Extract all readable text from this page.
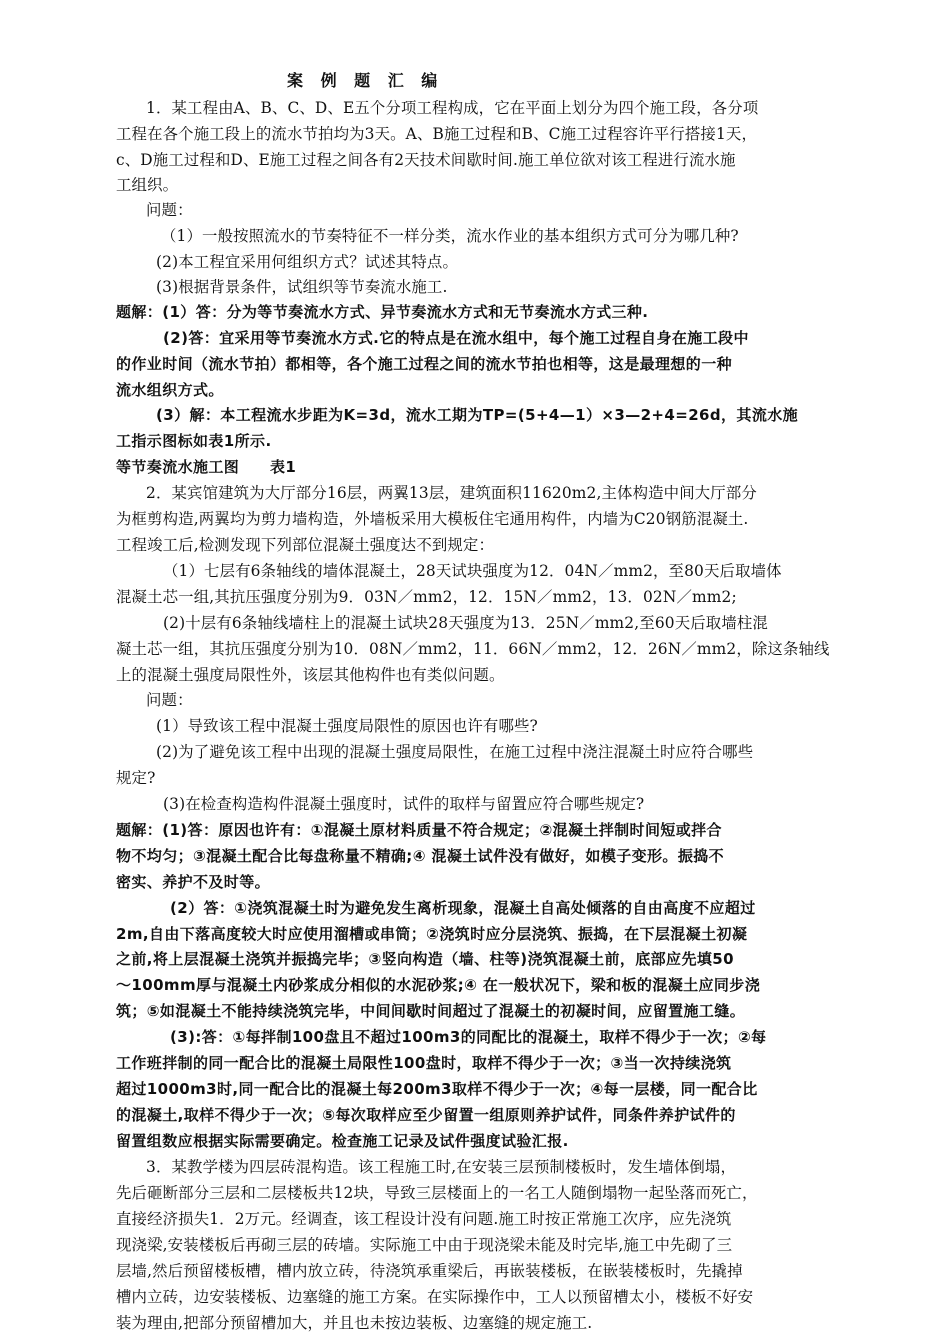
案 例 题 汇 编
1．某工程由A、B、C、D、E五个分项工程构成，它在平面上划分为四个施工段，各分项
工程在各个施工段上的流水节拍均为3天。A、B施工过程和B、C施工过程容许平行搭接1天，
c、D施工过程和D、E施工过程之间各有2天技术间歇时间.施工单位欲对该工程进行流水施
工组织。
问题：
（1）一般按照流水的节奏特征不一样分类，流水作业的基本组织方式可分为哪几种?
(2)本工程宜采用何组织方式？试述其特点。
(3)根据背景条件，试组织等节奏流水施工.
题解：(1）答：分为等节奏流水方式、异节奏流水方式和无节奏流水方式三种.
(2)答：宜采用等节奏流水方式.它的特点是在流水组中，每个施工过程自身在施工段中
的作业时间（流水节拍）都相等，各个施工过程之间的流水节拍也相等，这是最理想的一种
流水组织方式。
(3）解：本工程流水步距为K=3d，流水工期为TP=(5+4—1）×3—2+4=26d，其流水施
工指示图标如表1所示.
等节奏流水施工图　　表1
2．某宾馆建筑为大厅部分16层，两翼13层，建筑面积11620m2,主体构造中间大厅部分
为框剪构造,两翼均为剪力墙构造，外墙板采用大模板住宅通用构件，内墙为C20钢筋混凝土.
工程竣工后,检测发现下列部位混凝土强度达不到规定：
（1）七层有6条轴线的墙体混凝土，28天试块强度为12．04N／mm2，至80天后取墙体
混凝土芯一组,其抗压强度分别为9．03N／mm2，12．15N／mm2，13．02N／mm2;
(2)十层有6条轴线墙柱上的混凝土试块28天强度为13．25N／mm2,至60天后取墙柱混
凝土芯一组，其抗压强度分别为10．08N／mm2，11．66N／mm2，12．26N／mm2，除这条轴线
上的混凝土强度局限性外，该层其他构件也有类似问题。
问题：
(1）导致该工程中混凝土强度局限性的原因也许有哪些?
(2)为了避免该工程中出现的混凝土强度局限性，在施工过程中浇注混凝土时应符合哪些
规定?
(3)在检查构造构件混凝土强度时，试件的取样与留置应符合哪些规定?
题解：(1)答：原因也许有：①混凝土原材料质量不符合规定；②混凝土拌制时间短或拌合
物不均匀；③混凝土配合比每盘称量不精确;④ 混凝土试件没有做好，如模子变形。振捣不
密实、养护不及时等。
(2）答：①浇筑混凝土时为避免发生离析现象，混凝土自高处倾落的自由高度不应超过
2m,自由下落高度较大时应使用溜槽或串筒；②浇筑时应分层浇筑、振捣，在下层混凝土初凝
之前,将上层混凝土浇筑并振捣完毕；③竖向构造（墙、柱等)浇筑混凝土前，底部应先填50
～100mm厚与混凝土内砂浆成分相似的水泥砂浆;④ 在一般状况下，梁和板的混凝土应同步浇
筑；⑤如混凝土不能持续浇筑完毕，中间间歇时间超过了混凝土的初凝时间，应留置施工缝。
(3):答：①每拌制100盘且不超过100m3的同配比的混凝土，取样不得少于一次；②每
工作班拌制的同一配合比的混凝土局限性100盘时，取样不得少于一次；③当一次持续浇筑
超过1000m3时,同一配合比的混凝土每200m3取样不得少于一次；④每一层楼，同一配合比
的混凝土,取样不得少于一次；⑤每次取样应至少留置一组原则养护试件，同条件养护试件的
留置组数应根据实际需要确定。检查施工记录及试件强度试验汇报.
3．某教学楼为四层砖混构造。该工程施工时,在安装三层预制楼板时，发生墙体倒塌，
先后砸断部分三层和二层楼板共12块，导致三层楼面上的一名工人随倒塌物一起坠落而死亡，
直接经济损失1．2万元。经调查，该工程设计没有问题.施工时按正常施工次序，应先浇筑
现浇梁,安装楼板后再砌三层的砖墙。实际施工中由于现浇梁未能及时完毕,施工中先砌了三
层墙,然后预留楼板槽，槽内放立砖，待浇筑承重梁后，再嵌装楼板，在嵌装楼板时，先撬掉
槽内立砖，边安装楼板、边塞缝的施工方案。在实际操作中，工人以预留槽太小，楼板不好安
装为理由,把部分预留槽加大，并且也未按边装板、边塞缝的规定施工.
